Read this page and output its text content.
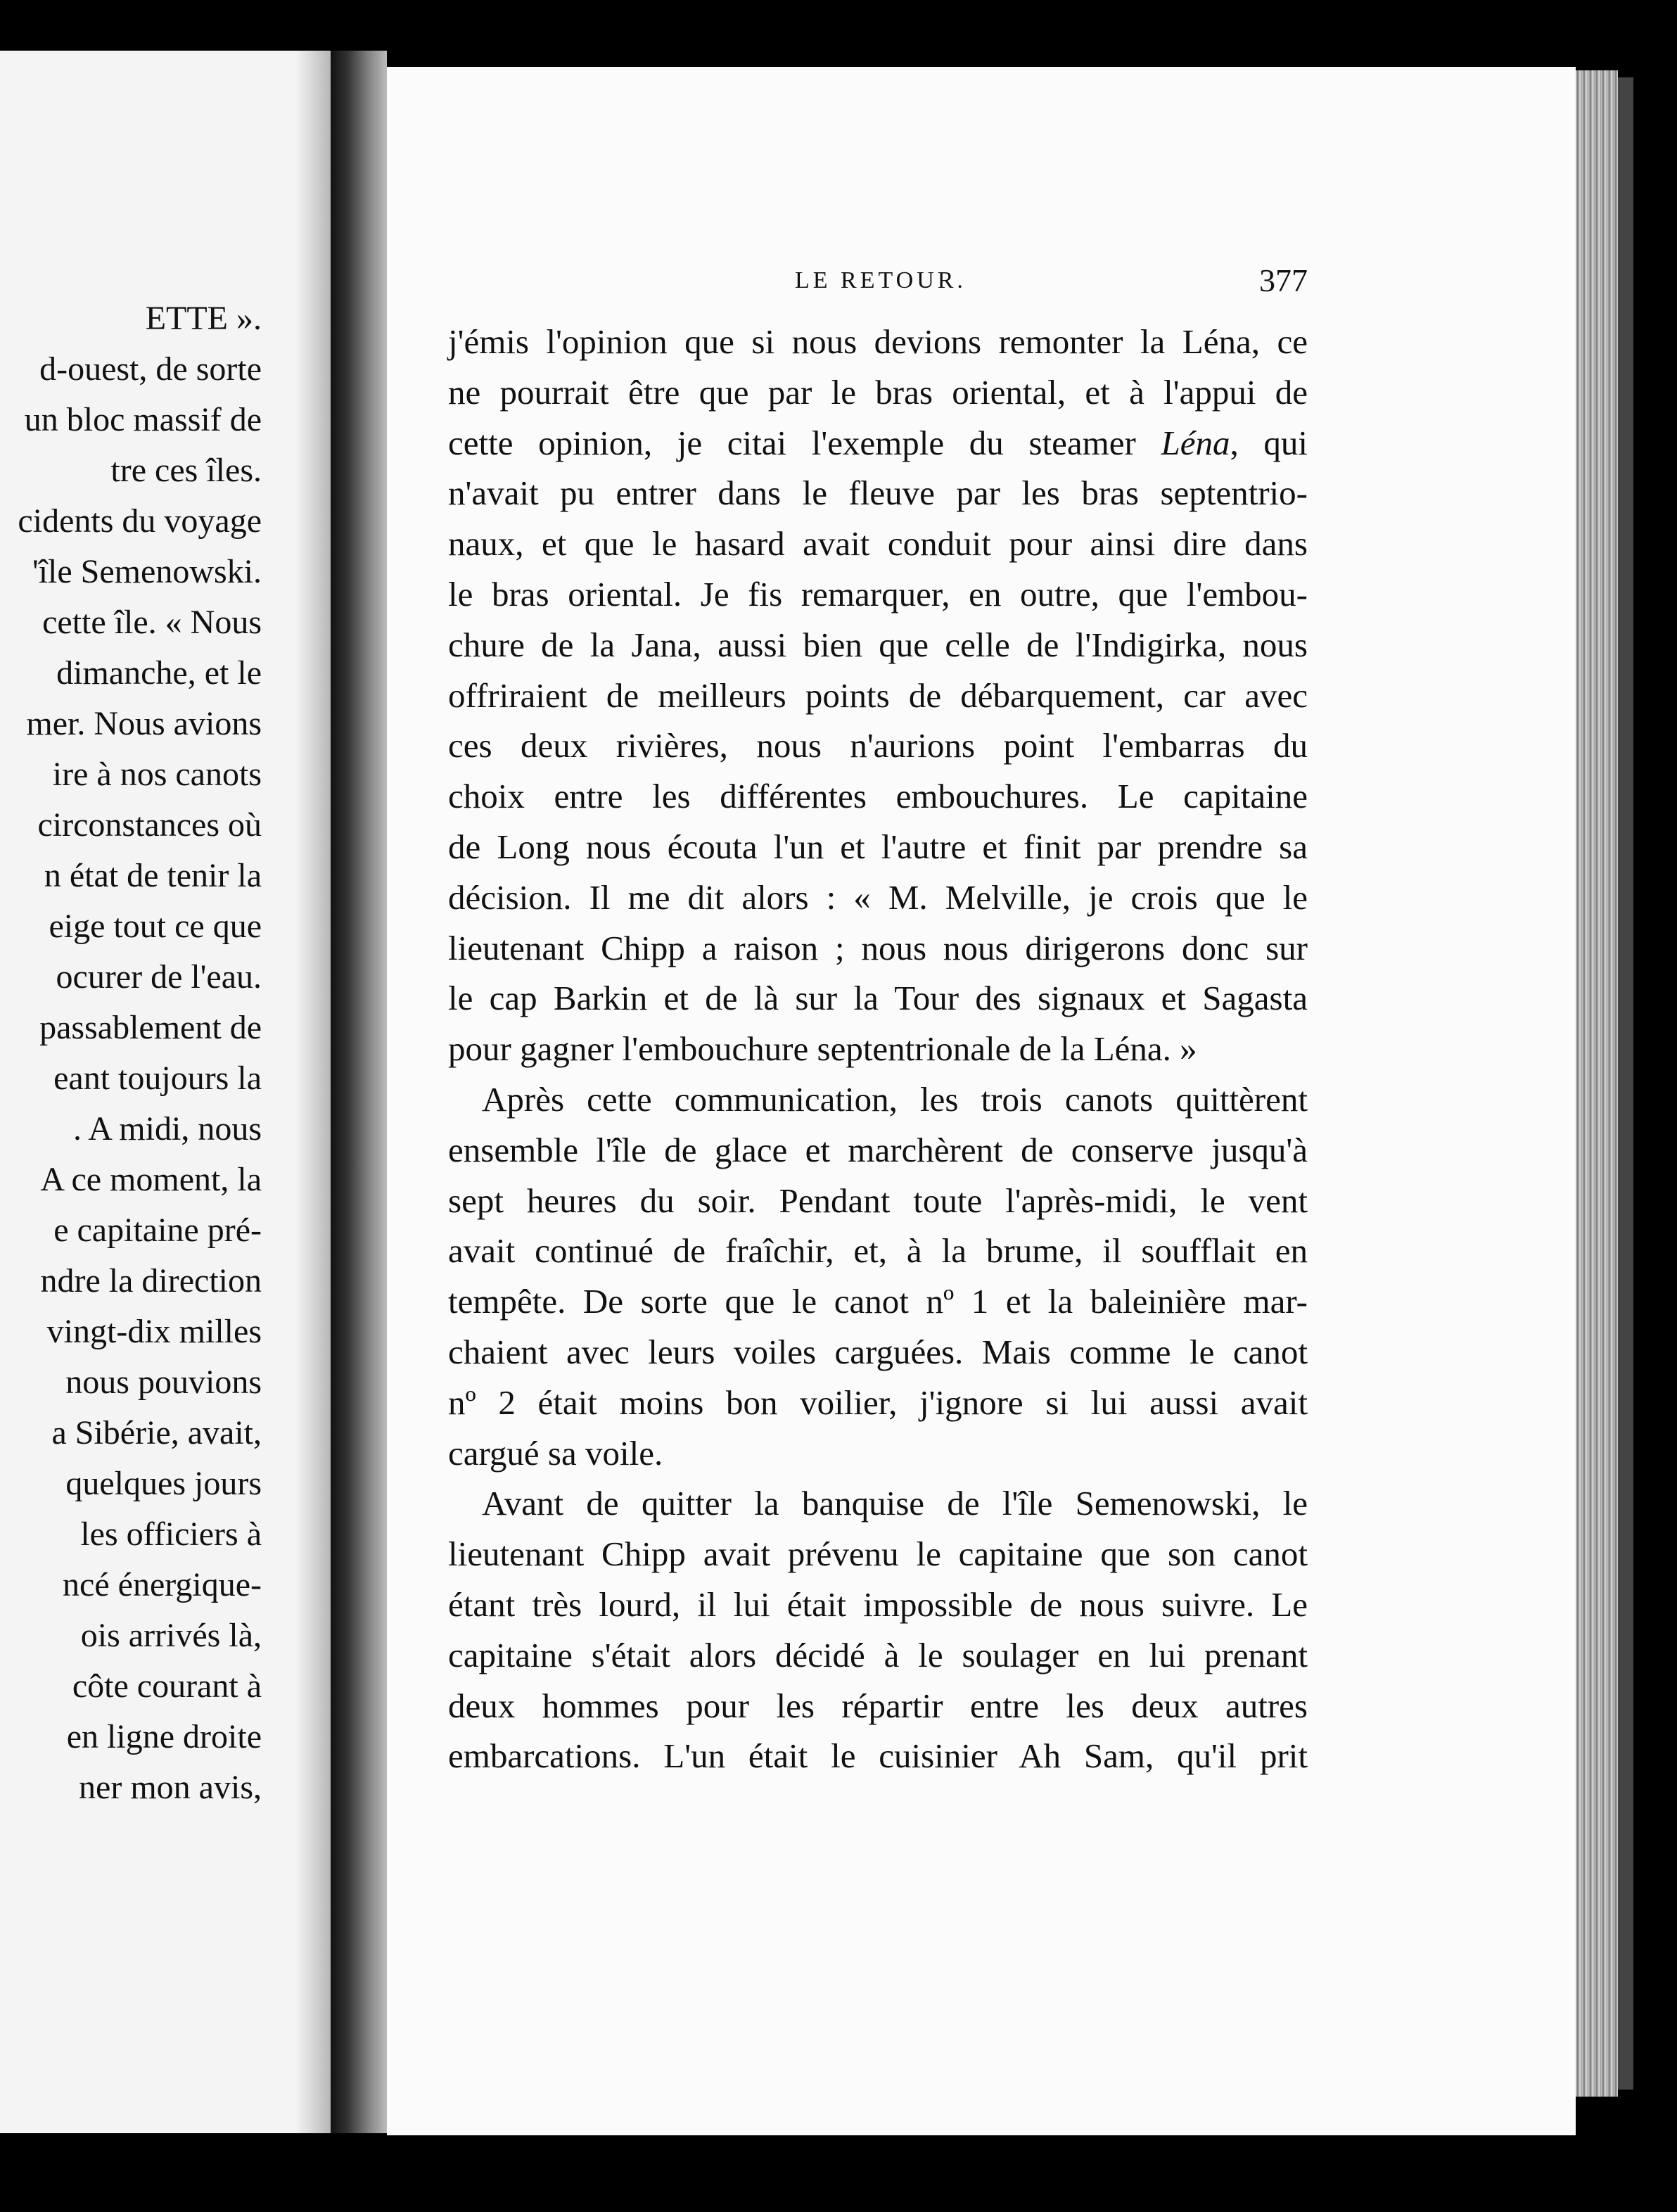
ETTE ».
d-ouest, de sorte
un bloc massif de
tre ces îles.
cidents du voyage
'île Semenowski.
cette île. « Nous
dimanche, et le
mer. Nous avions
ire à nos canots
circonstances où
n état de tenir la
eige tout ce que
ocurer de l'eau.
passablement de
eant toujours la
. A midi, nous
A ce moment, la
e capitaine pré-
ndre la direction
vingt-dix milles
nous pouvions
a Sibérie, avait,
quelques jours
les officiers à
ncé énergique-
ois arrivés là,
côte courant à
en ligne droite
ner mon avis,
LE RETOUR.	377
j'émis l'opinion que si nous devions remonter la Léna, ce
ne pourrait être que par le bras oriental, et à l'appui de
cette opinion, je citai l'exemple du steamer Léna, qui
n'avait pu entrer dans le fleuve par les bras septentrio-
naux, et que le hasard avait conduit pour ainsi dire dans
le bras oriental. Je fis remarquer, en outre, que l'embou-
chure de la Jana, aussi bien que celle de l'Indigirka, nous
offriraient de meilleurs points de débarquement, car avec
ces deux rivières, nous n'aurions point l'embarras du
choix entre les différentes embouchures. Le capitaine
de Long nous écouta l'un et l'autre et finit par prendre sa
décision. Il me dit alors : « M. Melville, je crois que le
lieutenant Chipp a raison ; nous nous dirigerons donc sur
le cap Barkin et de là sur la Tour des signaux et Sagasta
pour gagner l'embouchure septentrionale de la Léna. »
Après cette communication, les trois canots quittèrent
ensemble l'île de glace et marchèrent de conserve jusqu'à
sept heures du soir. Pendant toute l'après-midi, le vent
avait continué de fraîchir, et, à la brume, il soufflait en
tempête. De sorte que le canot nº 1 et la baleinière mar-
chaient avec leurs voiles carguées. Mais comme le canot
nº 2 était moins bon voilier, j'ignore si lui aussi avait
cargué sa voile.
Avant de quitter la banquise de l'île Semenowski, le
lieutenant Chipp avait prévenu le capitaine que son canot
étant très lourd, il lui était impossible de nous suivre. Le
capitaine s'était alors décidé à le soulager en lui prenant
deux hommes pour les répartir entre les deux autres
embarcations. L'un était le cuisinier Ah Sam, qu'il prit
